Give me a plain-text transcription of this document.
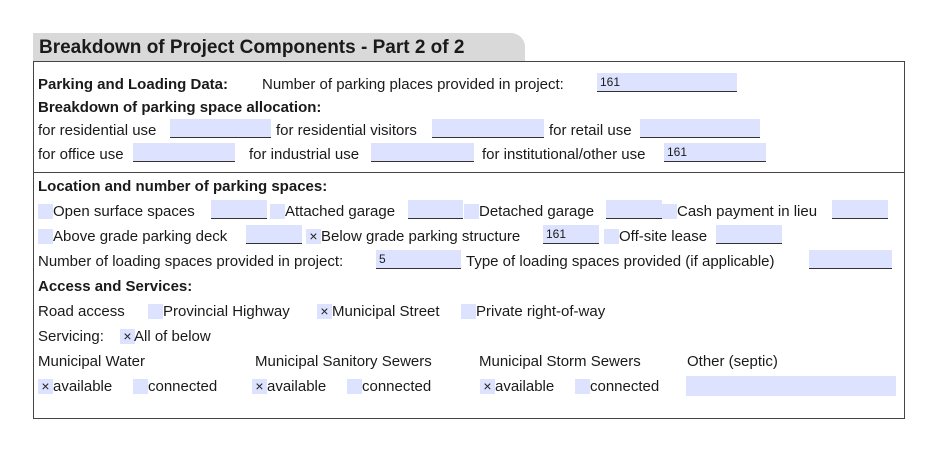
Breakdown of Project Components - Part 2 of 2
Parking and Loading Data: Number of parking places provided in project:	161
Breakdown of parking space allocation:
for residential use	for residential visitors	for retail use
for office use	for industrial use	for institutional/other use 161
Location and number of parking spaces:
Open surface spaces	Attached garage	Detached garage	Cash payment in lieu
Above grade parking deck	× Below grade parking structure 161	Off-site lease
Number of loading spaces provided in project:	5	Type of loading spaces provided (if applicable)
Access and Services:
Road access	Provincial Highway × Municipal Street Private right-of-way
Servicing: × All of below
Municipal Water	Municipal Sanitory Sewers	Municipal Storm Sewers	Other (septic)
× available connected	× available connected	× available connected
